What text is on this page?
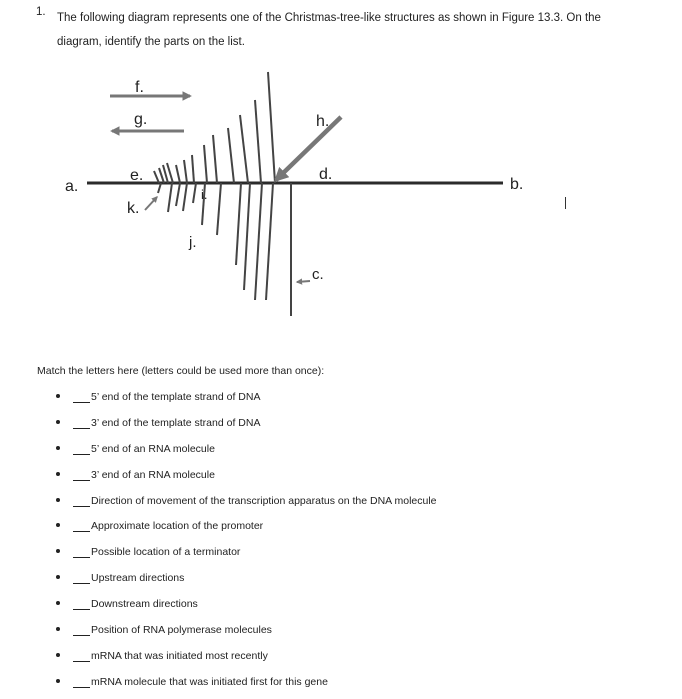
1. The following diagram represents one of the Christmas-tree-like structures as shown in Figure 13.3. On the
diagram, identify the parts on the list.
a.	b.
c.
d.
e.
f.
g.	h.
i.
j.
k.
Match the letters here (letters could be used more than once):
5’ end of the template strand of DNA
3’ end of the template strand of DNA
5’ end of an RNA molecule
3’ end of an RNA molecule
Direction of movement of the transcription apparatus on the DNA molecule
Approximate location of the promoter
Possible location of a terminator
Upstream directions
Downstream directions
Position of RNA polymerase molecules
mRNA that was initiated most recently
mRNA molecule that was initiated first for this gene
